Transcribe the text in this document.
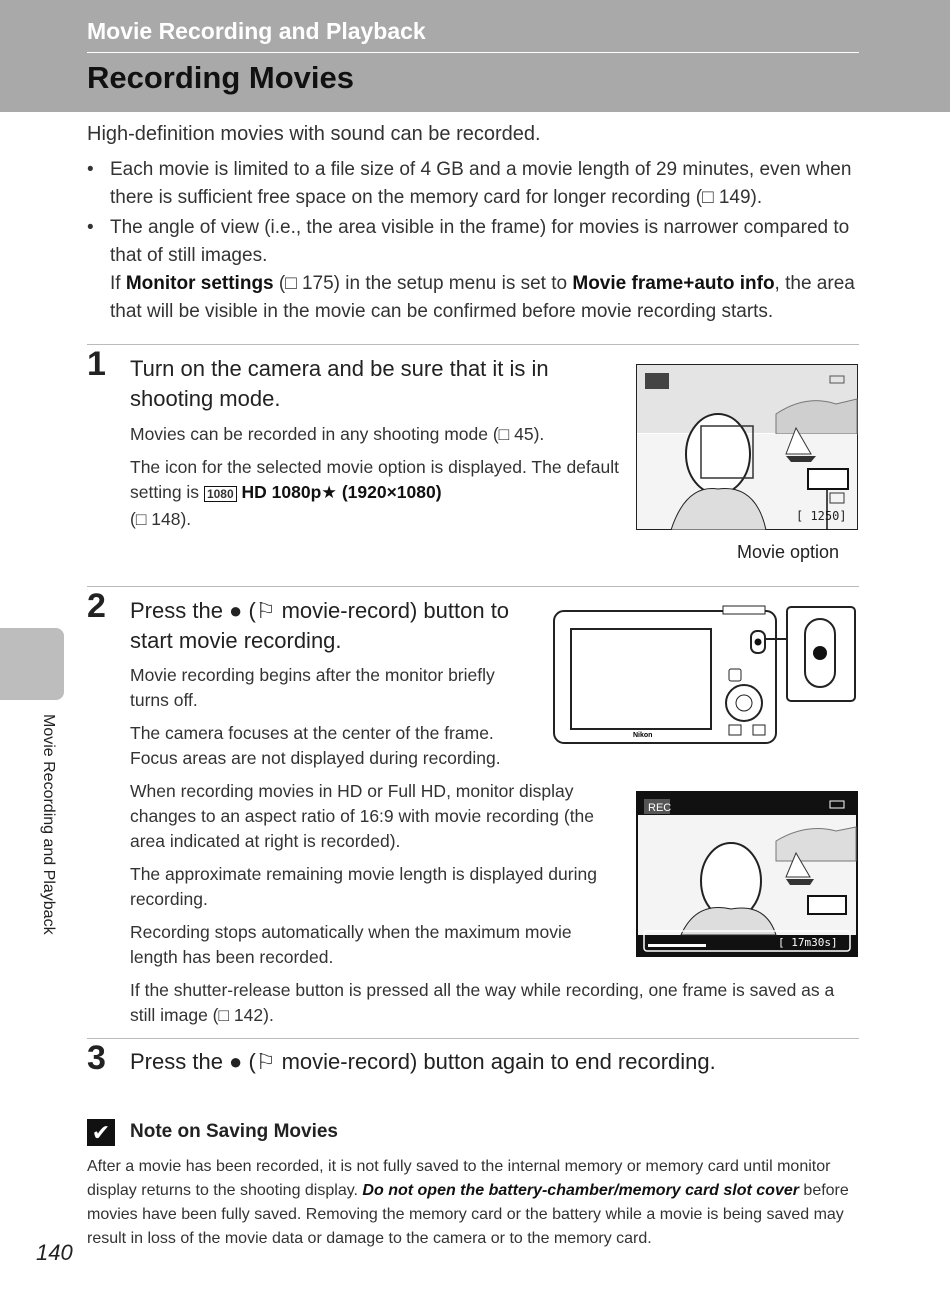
Movie Recording and Playback
Recording Movies
High-definition movies with sound can be recorded.
• Each movie is limited to a file size of 4 GB and a movie length of 29 minutes, even when there is sufficient free space on the memory card for longer recording (□ 149).
• The angle of view (i.e., the area visible in the frame) for movies is narrower compared to that of still images.
If Monitor settings (□ 175) in the setup menu is set to Movie frame+auto info, the area that will be visible in the movie can be confirmed before movie recording starts.
1 Turn on the camera and be sure that it is in shooting mode.
Movies can be recorded in any shooting mode (□ 45).
The icon for the selected movie option is displayed. The default setting is 1080 HD 1080p★ (1920×1080)
(□ 148).	[ 1250]
Movie option
2 Press the ● (⚐ movie-record) button to start movie recording.
Movie recording begins after the monitor briefly turns off.
The camera focuses at the center of the frame. Focus areas are not displayed during recording.
When recording movies in HD or Full HD, monitor display changes to an aspect ratio of 16:9 with movie recording (the area indicated at right is recorded).
The approximate remaining movie length is displayed during recording.
Recording stops automatically when the maximum movie length has been recorded.
If the shutter-release button is pressed all the way while recording, one frame is saved as a still image (□ 142).
Nikon
REC
[ 17m30s]
3 Press the ● (⚐ movie-record) button again to end recording.
✔ Note on Saving Movies
After a movie has been recorded, it is not fully saved to the internal memory or memory card until monitor display returns to the shooting display. Do not open the battery-chamber/memory card slot cover before movies have been fully saved. Removing the memory card or the battery while a movie is being saved may result in loss of the movie data or damage to the camera or to the memory card.
Movie Recording and Playback
140
